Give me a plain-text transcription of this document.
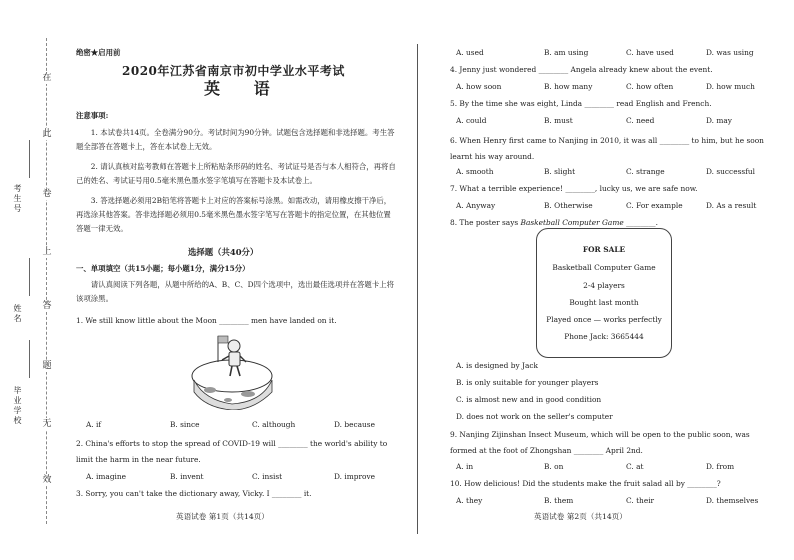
在
此
卷
上
答
题
无
效
考生号
姓名
毕业学校
绝密★启用前
2020年江苏省南京市初中学业水平考试
英 语
注意事项:
1. 本试卷共14页。全卷满分90分。考试时间为90分钟。试题包含选择题和非选择题。考生答题全部答在答题卡上，答在本试卷上无效。
2. 请认真核对监考教师在答题卡上所粘贴条形码的姓名、考试证号是否与本人相符合，再将自己的姓名、考试证号用0.5毫米黑色墨水签字笔填写在答题卡及本试卷上。
3. 答选择题必须用2B铅笔将答题卡上对应的答案标号涂黑。如需改动，请用橡皮擦干净后，再选涂其他答案。答非选择题必须用0.5毫米黑色墨水签字笔写在答题卡的指定位置，在其他位置答题一律无效。
选择题（共40分）
一、单项填空（共15小题；每小题1分，满分15分）
请认真阅读下列各题，从题中所给的A、B、C、D四个选项中，选出最佳选项并在答题卡上将该项涂黑。
1. We still know little about the Moon ________ men have landed on it.
A. if	B. since	C. although	D. because
2. China's efforts to stop the spread of COVID-19 will ________ the world's ability to limit the harm in the near future.
A. imagine	B. invent	C. insist	D. improve
3. Sorry, you can't take the dictionary away, Vicky. I ________ it.
英语试卷 第1页（共14页）
A. used	B. am using	C. have used	D. was using
4. Jenny just wondered ________ Angela already knew about the event.
A. how soon	B. how many	C. how often	D. how much
5. By the time she was eight, Linda ________ read English and French.
A. could	B. must	C. need	D. may
6. When Henry first came to Nanjing in 2010, it was all ________ to him, but he soon learnt his way around.
A. smooth	B. slight	C. strange	D. successful
7. What a terrible experience! ________, lucky us, we are safe now.
A. Anyway	B. Otherwise	C. For example	D. As a result
8. The poster says Basketball Computer Game ________.
A. is designed by Jack
B. is only suitable for younger players
C. is almost new and in good condition
D. does not work on the seller's computer
9. Nanjing Zijinshan Insect Museum, which will be open to the public soon, was formed at the foot of Zhongshan ________ April 2nd.
A. in	B. on	C. at	D. from
10. How delicious! Did the students make the fruit salad all by ________?
A. they	B. them	C. their	D. themselves
FOR SALE
Basketball Computer Game
2-4 players
Bought last month
Played once — works perfectly
Phone Jack: 3665444
英语试卷 第2页（共14页）
